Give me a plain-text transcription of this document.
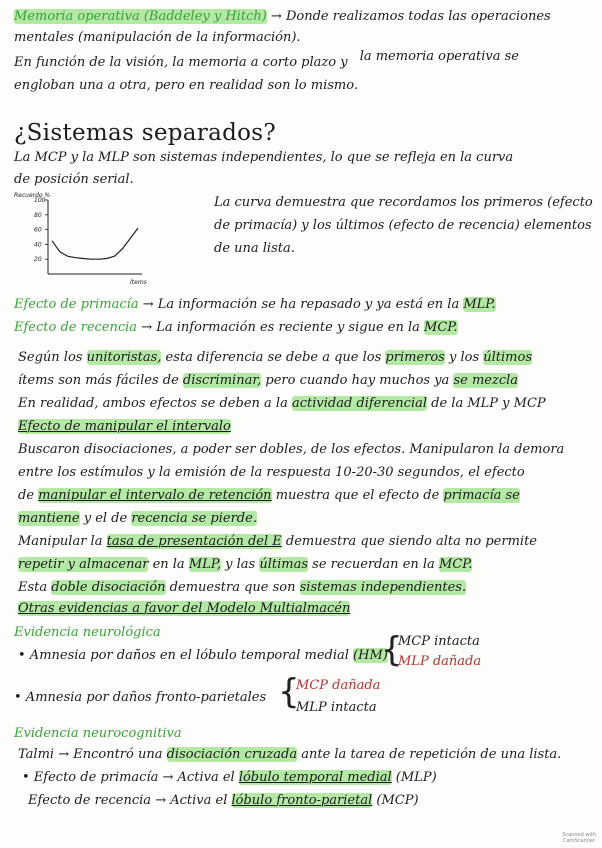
Memoria operativa (Baddeley y Hitch) → Donde realizamos todas las operaciones
mentales (manipulación de la información).
En función de la visión, la memoria a corto plazo y la memoria operativa se
engloban una a otra, pero en realidad son lo mismo.
¿Sistemas separados?
La MCP y la MLP son sistemas independientes, lo que se refleja en la curva
de posición serial.
Recuerdo %
100
80
60
40
20
Ítems
La curva demuestra que recordamos los primeros (efecto
de primacía) y los últimos (efecto de recencia) elementos
de una lista.
Efecto de primacía → La información se ha repasado y ya está en la MLP.
Efecto de recencia → La información es reciente y sigue en la MCP.
Según los unitoristas, esta diferencia se debe a que los primeros y los últimos
ítems son más fáciles de discriminar, pero cuando hay muchos ya se mezcla
En realidad, ambos efectos se deben a la actividad diferencial de la MLP y MCP
Efecto de manipular el intervalo
Buscaron disociaciones, a poder ser dobles, de los efectos. Manipularon la demora
entre los estímulos y la emisión de la respuesta 10-20-30 segundos, el efecto
de manipular el intervalo de retención muestra que el efecto de primacía se
mantiene y el de recencia se pierde.
Manipular la tasa de presentación del E demuestra que siendo alta no permite
repetir y almacenar en la MLP, y las últimas se recuerdan en la MCP.
Esta doble disociación demuestra que son sistemas independientes.
Otras evidencias a favor del Modelo Multialmacén
Evidencia neurológica
• Amnesia por daños en el lóbulo temporal medial (HM)
{
MCP intacta
MLP dañada
• Amnesia por daños fronto-parietales {
MCP dañada
MLP intacta
Evidencia neurocognitiva
Talmi → Encontró una disociación cruzada ante la tarea de repetición de una lista.
• Efecto de primacía → Activa el lóbulo temporal medial (MLP)
Efecto de recencia → Activa el lóbulo fronto-parietal (MCP)
Scanned with
CamScanner
